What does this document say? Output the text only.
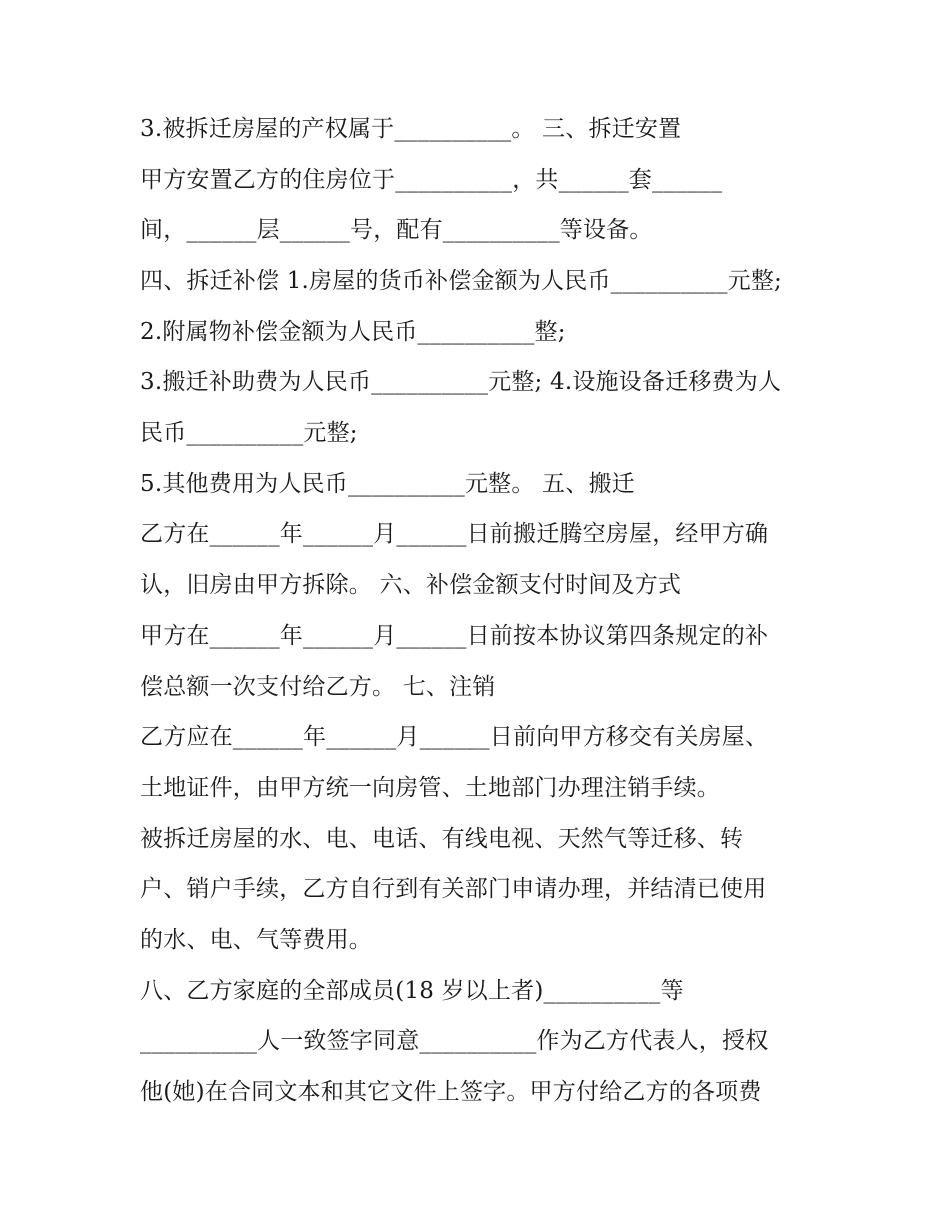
3.被拆迁房屋的产权属于__________。 三、拆迁安置
甲方安置乙方的住房位于__________，共______套______
间，______层______号，配有__________等设备。
四、拆迁补偿 1.房屋的货币补偿金额为人民币__________元整;
2.附属物补偿金额为人民币__________整;
3.搬迁补助费为人民币__________元整; 4.设施设备迁移费为人
民币__________元整;
5.其他费用为人民币__________元整。 五、搬迁
乙方在______年______月______日前搬迁腾空房屋，经甲方确
认，旧房由甲方拆除。 六、补偿金额支付时间及方式
甲方在______年______月______日前按本协议第四条规定的补
偿总额一次支付给乙方。 七、注销
乙方应在______年______月______日前向甲方移交有关房屋、
土地证件，由甲方统一向房管、土地部门办理注销手续。
被拆迁房屋的水、电、电话、有线电视、天然气等迁移、转
户、销户手续，乙方自行到有关部门申请办理，并结清已使用
的水、电、气等费用。
八、乙方家庭的全部成员(18 岁以上者)__________等
__________人一致签字同意__________作为乙方代表人，授权
他(她)在合同文本和其它文件上签字。甲方付给乙方的各项费
